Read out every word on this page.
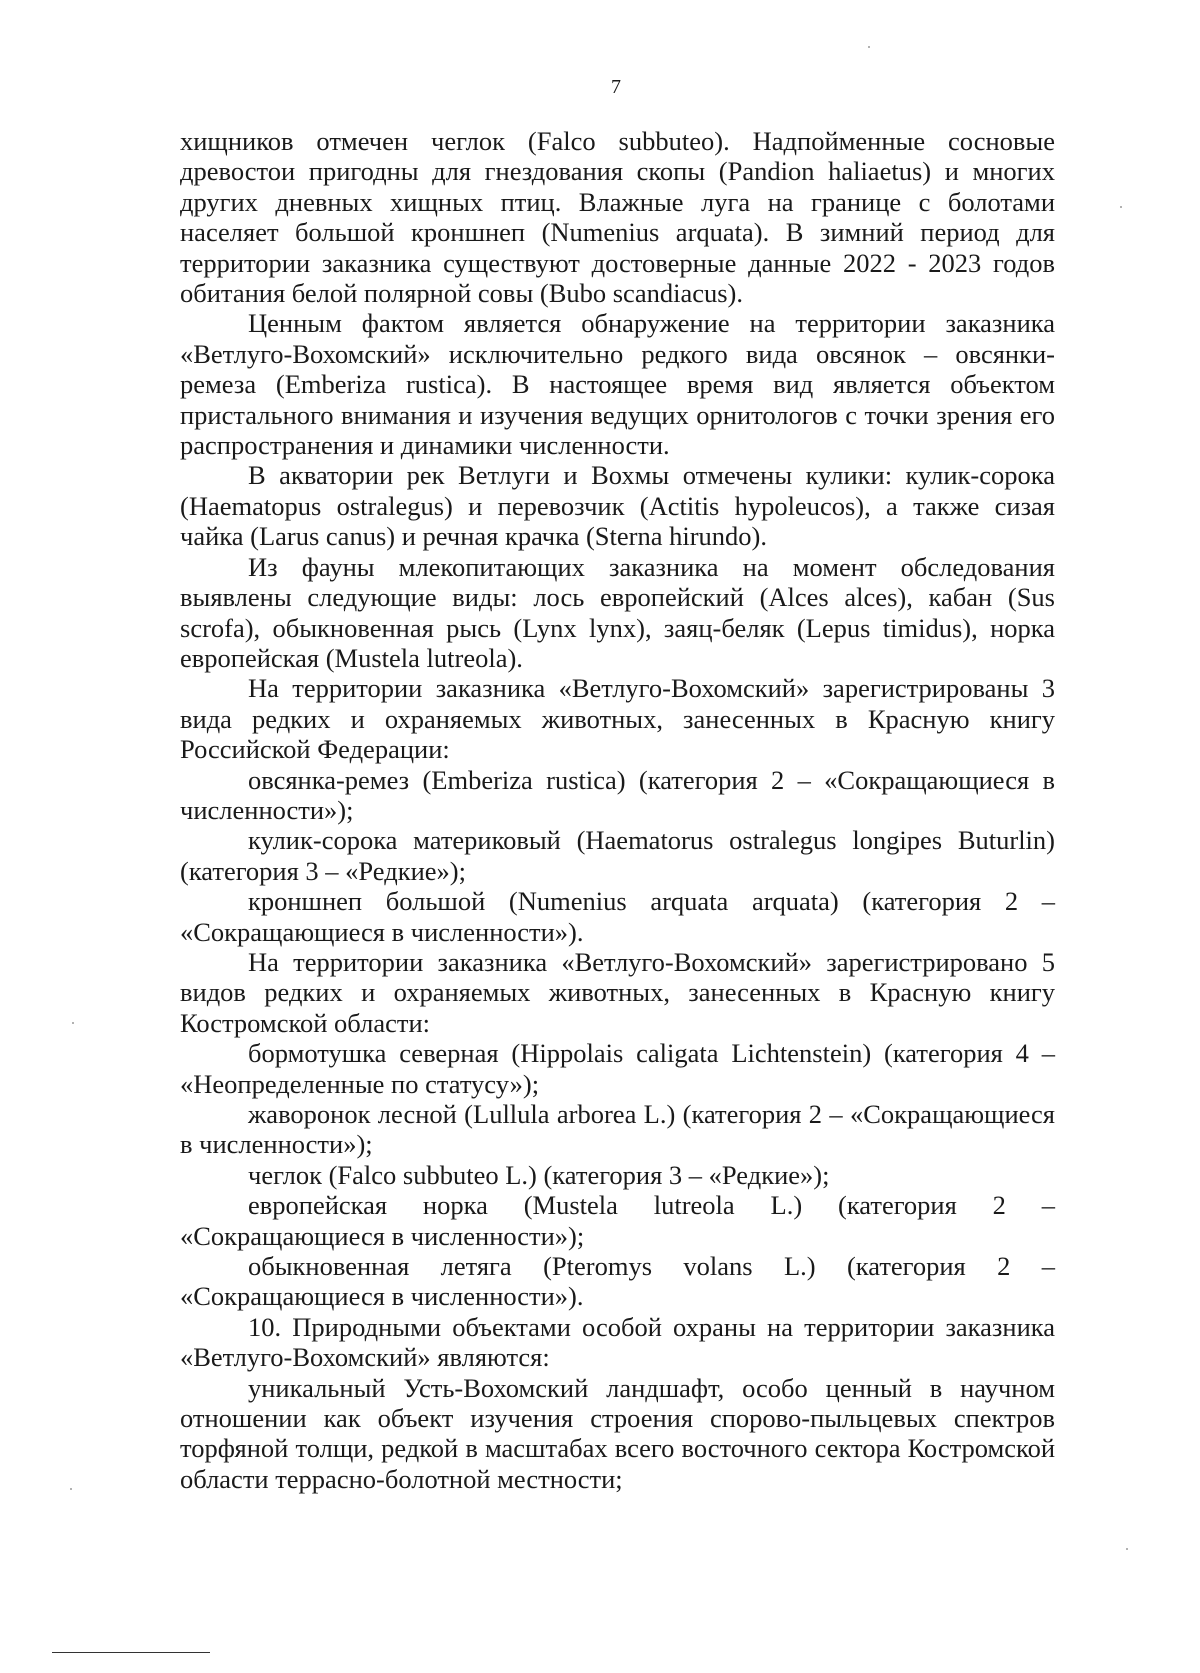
7

хищников отмечен чеглок (Falco subbuteo). Надпойменные сосновые древостои пригодны для гнездования скопы (Pandion haliaetus) и многих других дневных хищных птиц. Влажные луга на границе с болотами населяет большой кроншнеп (Numenius arquata). В зимний период для территории заказника существуют достоверные данные 2022 - 2023 годов обитания белой полярной совы (Bubo scandiacus).

Ценным фактом является обнаружение на территории заказника «Ветлуго-Вохомский» исключительно редкого вида овсянок – овсянки-ремеза (Emberiza rustica). В настоящее время вид является объектом пристального внимания и изучения ведущих орнитологов с точки зрения его распространения и динамики численности.

В акватории рек Ветлуги и Вохмы отмечены кулики: кулик-сорока (Haematopus ostralegus) и перевозчик (Actitis hypoleucos), а также сизая чайка (Larus canus) и речная крачка (Sterna hirundo).

Из фауны млекопитающих заказника на момент обследования выявлены следующие виды: лось европейский (Alces alces), кабан (Sus scrofa), обыкновенная рысь (Lynx lynx), заяц-беляк (Lepus timidus), норка европейская (Mustela lutreola).

На территории заказника «Ветлуго-Вохомский» зарегистрированы 3 вида редких и охраняемых животных, занесенных в Красную книгу Российской Федерации:

овсянка-ремез (Emberiza rustica) (категория 2 – «Сокращающиеся в численности»);

кулик-сорока материковый (Haematorus ostralegus longipes Buturlin) (категория 3 – «Редкие»);

кроншнеп большой (Numenius arquata arquata) (категория 2 – «Сокращающиеся в численности»).

На территории заказника «Ветлуго-Вохомский» зарегистрировано 5 видов редких и охраняемых животных, занесенных в Красную книгу Костромской области:

бормотушка северная (Hippolais caligata Lichtenstein) (категория 4 – «Неопределенные по статусу»);

жаворонок лесной (Lullula arborea L.) (категория 2 – «Сокращающиеся в численности»);

чеглок (Falco subbuteo L.) (категория 3 – «Редкие»);

европейская норка (Mustela lutreola L.) (категория 2 – «Сокращающиеся в численности»);

обыкновенная летяга (Pteromys volans L.) (категория 2 – «Сокращающиеся в численности»).

10. Природными объектами особой охраны на территории заказника «Ветлуго-Вохомский» являются:

уникальный Усть-Вохомский ландшафт, особо ценный в научном отношении как объект изучения строения спорово-пыльцевых спектров торфяной толщи, редкой в масштабах всего восточного сектора Костромской области террасно-болотной местности;
